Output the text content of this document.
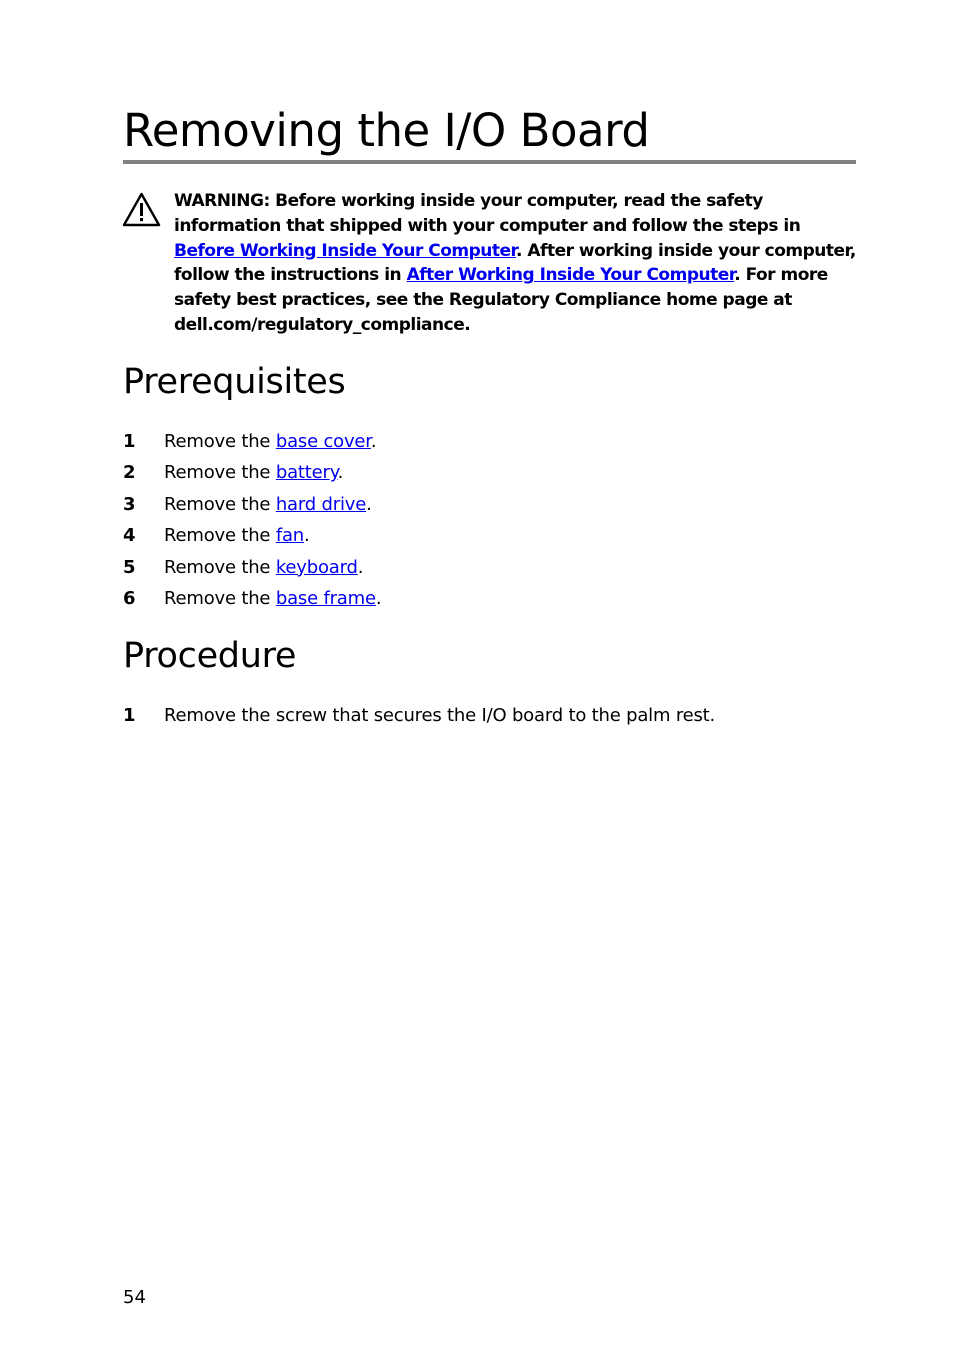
Removing the I/O Board

WARNING: Before working inside your computer, read the safety information that shipped with your computer and follow the steps in Before Working Inside Your Computer. After working inside your computer, follow the instructions in After Working Inside Your Computer. For more safety best practices, see the Regulatory Compliance home page at dell.com/regulatory_compliance.

Prerequisites
1 Remove the base cover.
2 Remove the battery.
3 Remove the hard drive.
4 Remove the fan.
5 Remove the keyboard.
6 Remove the base frame.
Procedure
1 Remove the screw that secures the I/O board to the palm rest.
54
